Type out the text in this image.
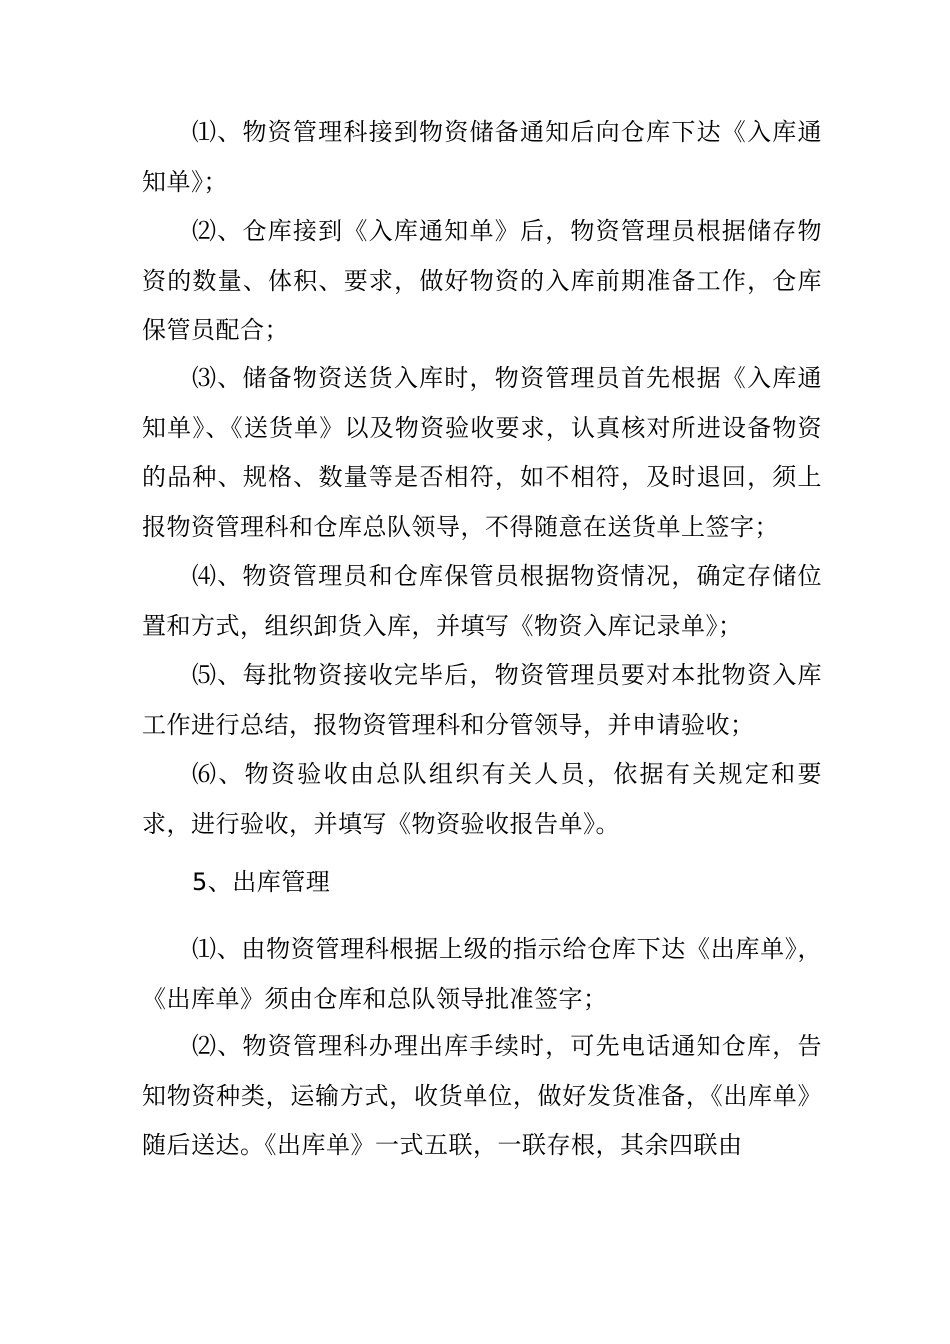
⑴、物资管理科接到物资储备通知后向仓库下达《入库通知单》；

⑵、仓库接到《入库通知单》后，物资管理员根据储存物资的数量、体积、要求，做好物资的入库前期准备工作，仓库保管员配合；

⑶、储备物资送货入库时，物资管理员首先根据《入库通知单》、《送货单》以及物资验收要求，认真核对所进设备物资的品种、规格、数量等是否相符，如不相符，及时退回，须上报物资管理科和仓库总队领导，不得随意在送货单上签字；

⑷、物资管理员和仓库保管员根据物资情况，确定存储位置和方式，组织卸货入库，并填写《物资入库记录单》；

⑸、每批物资接收完毕后，物资管理员要对本批物资入库工作进行总结，报物资管理科和分管领导，并申请验收；

⑹、物资验收由总队组织有关人员，依据有关规定和要求，进行验收，并填写《物资验收报告单》。

5、出库管理

⑴、由物资管理科根据上级的指示给仓库下达《出库单》，《出库单》须由仓库和总队领导批准签字；

⑵、物资管理科办理出库手续时，可先电话通知仓库，告知物资种类，运输方式，收货单位，做好发货准备，《出库单》随后送达。《出库单》一式五联，一联存根，其余四联由
